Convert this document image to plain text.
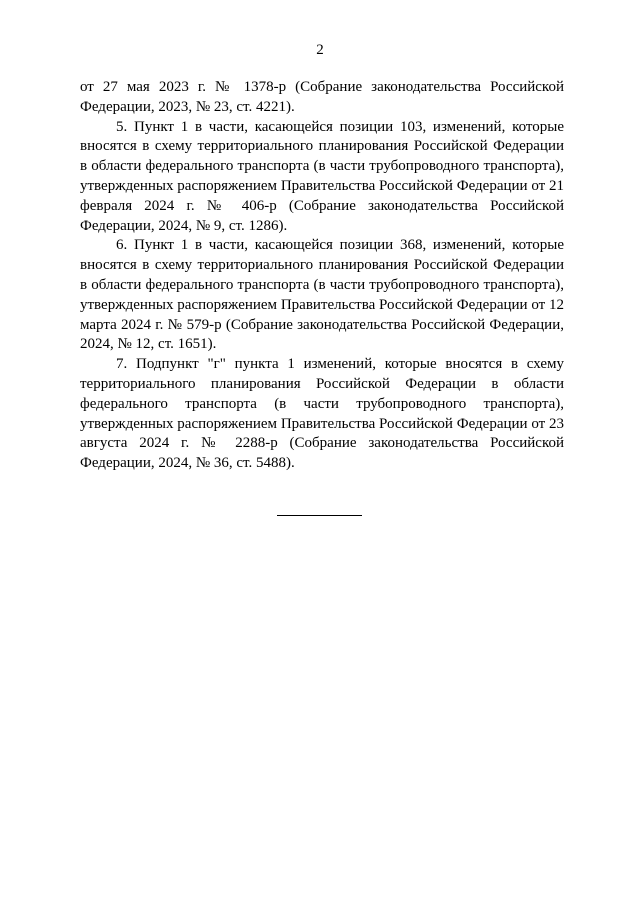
2

от 27 мая 2023 г. № 1378-р (Собрание законодательства Российской Федерации, 2023, № 23, ст. 4221).

5. Пункт 1 в части, касающейся позиции 103, изменений, которые вносятся в схему территориального планирования Российской Федерации в области федерального транспорта (в части трубопроводного транспорта), утвержденных распоряжением Правительства Российской Федерации от 21 февраля 2024 г. № 406-р (Собрание законодательства Российской Федерации, 2024, № 9, ст. 1286).

6. Пункт 1 в части, касающейся позиции 368, изменений, которые вносятся в схему территориального планирования Российской Федерации в области федерального транспорта (в части трубопроводного транспорта), утвержденных распоряжением Правительства Российской Федерации от 12 марта 2024 г. № 579-р (Собрание законодательства Российской Федерации, 2024, № 12, ст. 1651).

7. Подпункт "г" пункта 1 изменений, которые вносятся в схему территориального планирования Российской Федерации в области федерального транспорта (в части трубопроводного транспорта), утвержденных распоряжением Правительства Российской Федерации от 23 августа 2024 г. № 2288-р (Собрание законодательства Российской Федерации, 2024, № 36, ст. 5488).
